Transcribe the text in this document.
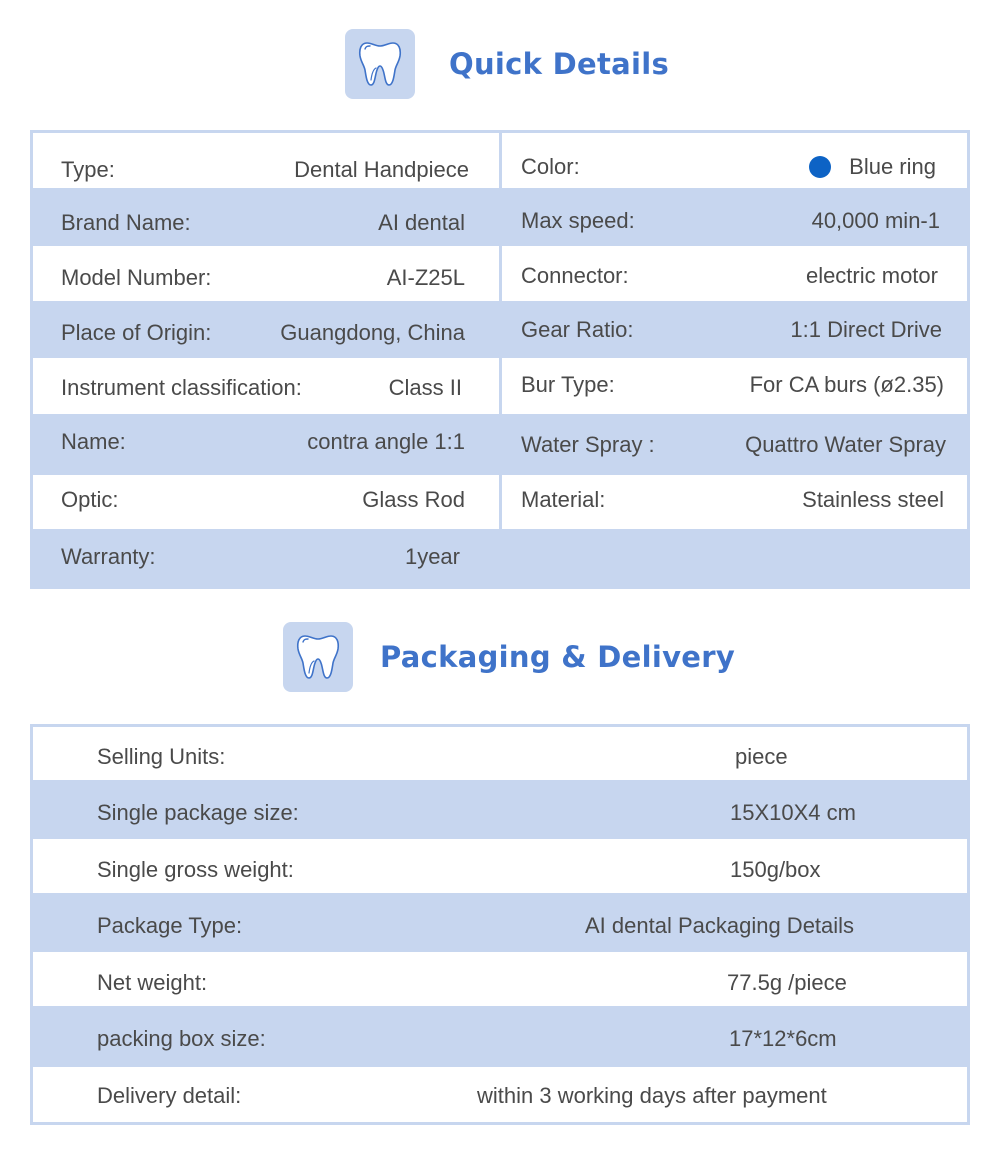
Quick Details
Type:
Brand Name:
Model Number:
Place of Origin:
Instrument classification:
Name:
Optic:
Warranty:
Dental Handpiece
AI dental
AI-Z25L
Guangdong, China
Class II
contra angle 1:1
Glass Rod
1year
Color:
Max speed:
Connector:
Gear Ratio:
Bur Type:
Water Spray :
Material:
Blue ring
40,000 min-1
electric motor
1:1 Direct Drive
For CA burs (ø2.35)
Quattro Water Spray
Stainless steel
Packaging & Delivery
Selling Units:
Single package size:
Single gross weight:
Package Type:
Net weight:
packing box size:
Delivery detail:
piece
15X10X4 cm
150g/box
AI dental Packaging Details
77.5g /piece
17*12*6cm
within 3 working days after payment
